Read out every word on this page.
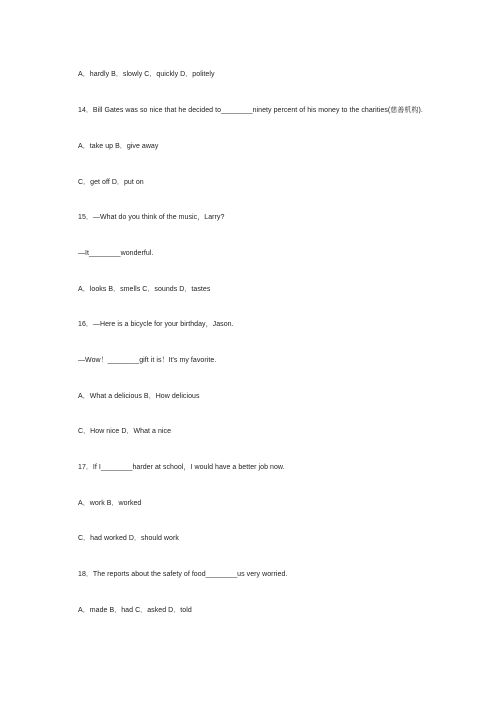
A．hardly B．slowly C．quickly D．politely
14．Bill Gates was so nice that he decided to________ninety percent of his money to the charities(慈善机构).
A．take up B．give away
C．get off D．put on
15．—What do you think of the music，Larry?
—It________wonderful.
A．looks B．smells C．sounds D．tastes
16．—Here is a bicycle for your birthday，Jason.
—Wow！________gift it is！It's my favorite.
A．What a delicious B．How delicious
C．How nice D．What a nice
17．If I________harder at school，I would have a better job now.
A．work B．worked
C．had worked D．should work
18．The reports about the safety of food________us very worried.
A．made B．had C．asked D．told
